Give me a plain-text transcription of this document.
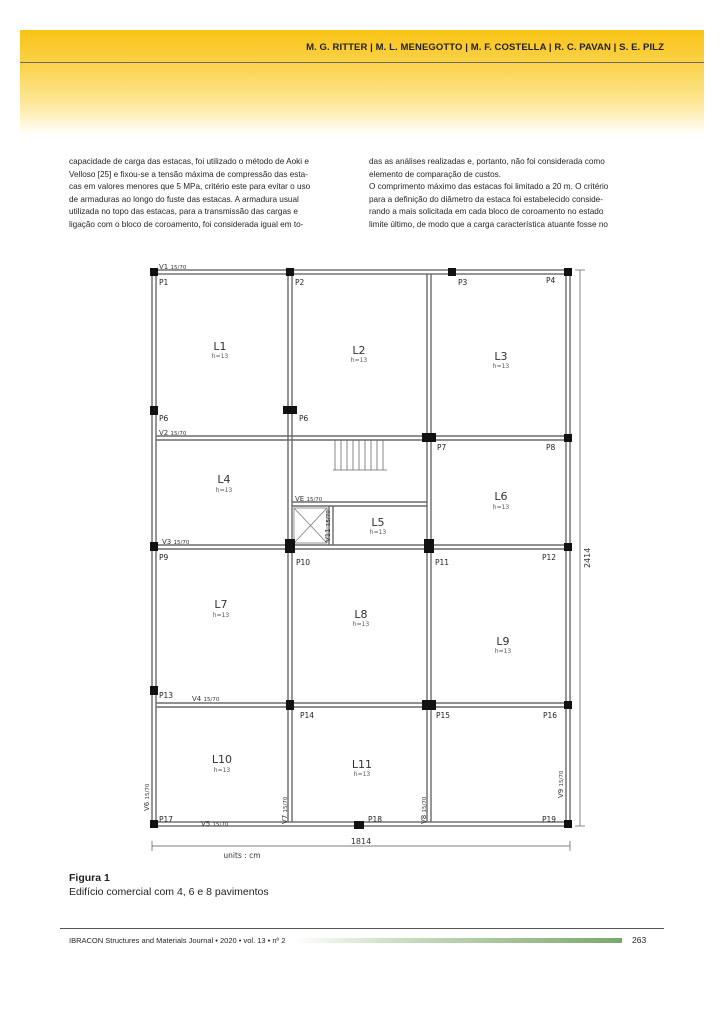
M. G. RITTER | M. L. MENEGOTTO | M. F. COSTELLA | R. C. PAVAN | S. E. PILZ

capacidade de carga das estacas, foi utilizado o método de Aoki e

Velloso [25] e fixou-se a tensão máxima de compressão das esta-

cas em valores menores que 5 MPa, critério este para evitar o uso

de armaduras ao longo do fuste das estacas. A armadura usual

utilizada no topo das estacas, para a transmissão das cargas e

ligação com o bloco de coroamento, foi considerada igual em to-

das as análises realizadas e, portanto, não foi considerada como

elemento de comparação de custos.

O comprimento máximo das estacas foi limitado a 20 m. O critério

para a definição do diâmetro da estaca foi estabelecido conside-

rando a mais solicitada em cada bloco de coroamento no estado

limite último, de modo que a carga característica atuante fosse no

L1	L2	L3
L4
L5
L6
L7
L8
L9
L10	L11
h=13
h=13
h=13
h=13
h=13
h=13
h=13
h=13
h=13
h=13
h=13
P1	P2	P3	P4
P6	P6
P7	P8
P9
P10	P11
P12
P13
P14	P15	P16
P17	P18	P19
V1 15/70
V2 15/70
V3 15/70
V4 15/70
V5 15/70
VE 15/70
V6 15/70
V7 15/70
V8 15/70
V9 15/70
V11 15/70
2414
1814
units : cm
Figura 1
Edifício comercial com 4, 6 e 8 pavimentos
IBRACON Structures and Materials Journal • 2020 • vol. 13 • nº 2	263
